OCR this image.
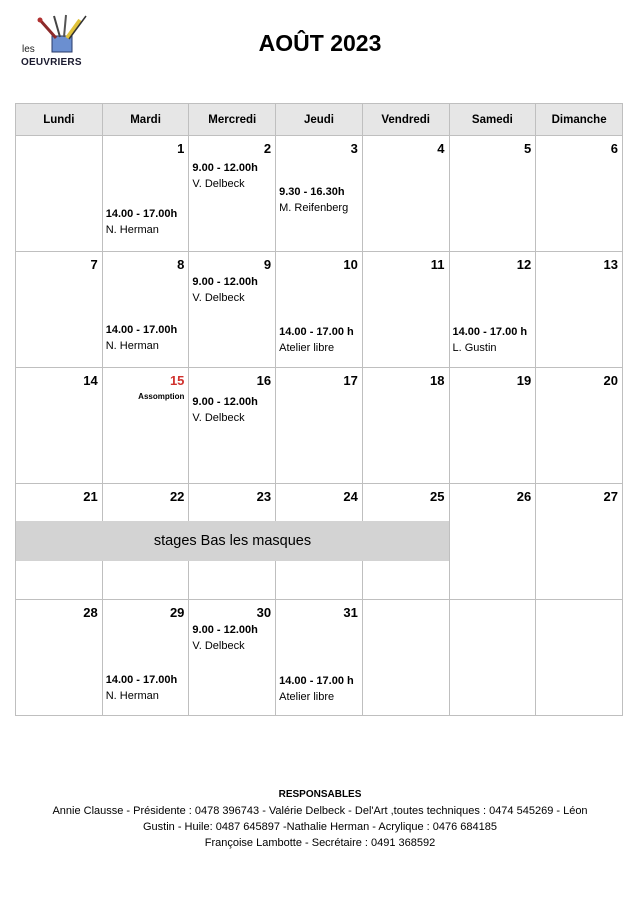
les
OEUVRIERS
AOÛT 2023
Lundi	Mardi	Mercredi	Jeudi	Vendredi	Samedi	Dimanche

	1
14.00 - 17.00h
N. Herman	2
9.00 - 12.00h
V. Delbeck	3
9.30 - 16.30h
M. Reifenberg	4	5	6

7	8
14.00 - 17.00h
N. Herman	9
9.00 - 12.00h
V. Delbeck	10
14.00 - 17.00 h
Atelier libre	11	12
14.00 - 17.00 h
L. Gustin	13

14	15
Assomption	16
9.00 - 12.00h
V. Delbeck	17	18	19	20

21	22	23	24	25	26	27

28	29
14.00 - 17.00h
N. Herman	30
9.00 - 12.00h
V. Delbeck	31
14.00 - 17.00 h
Atelier libre			

stages Bas les masques
RESPONSABLES
Annie Clausse - Présidente : 0478 396743 - Valérie Delbeck - Del'Art ,toutes techniques : 0474 545269 - Léon
Gustin - Huile: 0487 645897 -Nathalie Herman - Acrylique : 0476 684185
Françoise Lambotte - Secrétaire : 0491 368592
